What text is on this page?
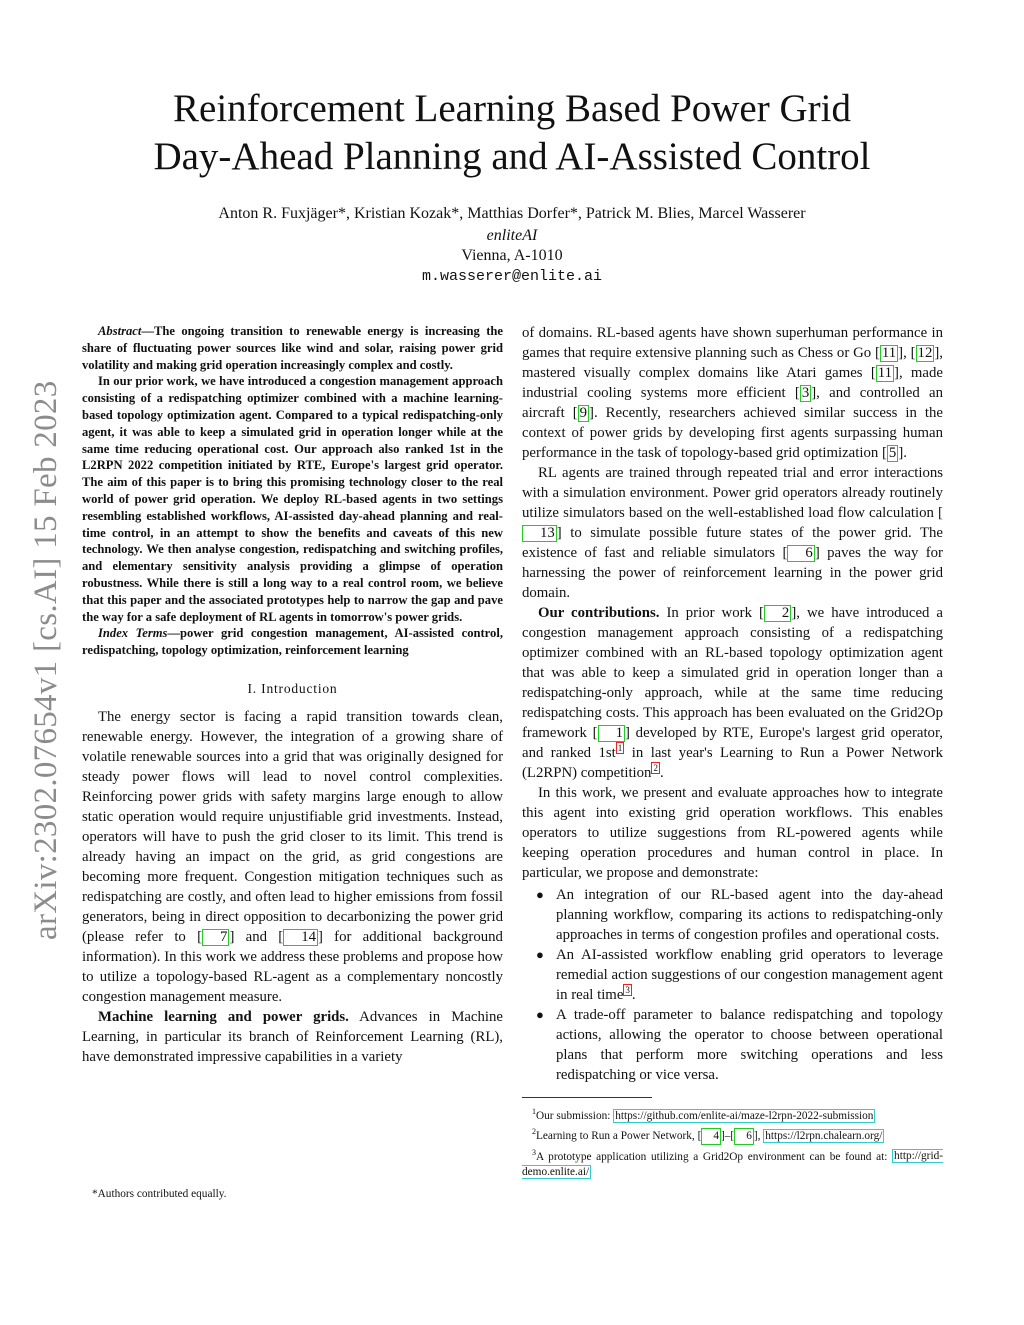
arXiv:2302.07654v1 [cs.AI] 15 Feb 2023
Reinforcement Learning Based Power Grid
Day-Ahead Planning and AI-Assisted Control
Anton R. Fuxjäger*, Kristian Kozak*, Matthias Dorfer*, Patrick M. Blies, Marcel Wasserer
enliteAI
Vienna, A-1010
m.wasserer@enlite.ai

Abstract—The ongoing transition to renewable energy is increasing the share of fluctuating power sources like wind and solar, raising power grid volatility and making grid operation increasingly complex and costly.

In our prior work, we have introduced a congestion management approach consisting of a redispatching optimizer combined with a machine learning-based topology optimization agent. Compared to a typical redispatching-only agent, it was able to keep a simulated grid in operation longer while at the same time reducing operational cost. Our approach also ranked 1st in the L2RPN 2022 competition initiated by RTE, Europe's largest grid operator. The aim of this paper is to bring this promising technology closer to the real world of power grid operation. We deploy RL-based agents in two settings resembling established workflows, AI-assisted day-ahead planning and real-time control, in an attempt to show the benefits and caveats of this new technology. We then analyse congestion, redispatching and switching profiles, and elementary sensitivity analysis providing a glimpse of operation robustness. While there is still a long way to a real control room, we believe that this paper and the associated prototypes help to narrow the gap and pave the way for a safe deployment of RL agents in tomorrow's power grids.

Index Terms—power grid congestion management, AI-assisted control, redispatching, topology optimization, reinforcement learning

I. Introduction

The energy sector is facing a rapid transition towards clean, renewable energy. However, the integration of a growing share of volatile renewable sources into a grid that was originally designed for steady power flows will lead to novel control complexities. Reinforcing power grids with safety margins large enough to allow static operation would require unjustifiable grid investments. Instead, operators will have to push the grid closer to its limit. This trend is already having an impact on the grid, as grid congestions are becoming more frequent. Congestion mitigation techniques such as redispatching are costly, and often lead to higher emissions from fossil generators, being in direct opposition to decarbonizing the power grid (please refer to [ 7 ] and [ 14 ] for additional background information). In this work we address these problems and propose how to utilize a topology-based RL-agent as a complementary noncostly congestion management measure.

Machine learning and power grids. Advances in Machine Learning, in particular its branch of Reinforcement Learning (RL), have demonstrated impressive capabilities in a variety

*Authors contributed equally.

of domains. RL-based agents have shown superhuman performance in games that require extensive planning such as Chess or Go [ 11 ], [ 12 ], mastered visually complex domains like Atari games [ 11 ], made industrial cooling systems more efficient [ 3 ], and controlled an aircraft [ 9 ]. Recently, researchers achieved similar success in the context of power grids by developing first agents surpassing human performance in the task of topology-based grid optimization [ 5 ].

RL agents are trained through repeated trial and error interactions with a simulation environment. Power grid operators already routinely utilize simulators based on the well-established load flow calculation [13 ] to simulate possible future states of the power grid. The existence of fast and reliable simulators [ 6 ] paves the way for harnessing the power of reinforcement learning in the power grid domain.

Our contributions. In prior work [ 2 ], we have introduced a congestion management approach consisting of a redispatching optimizer combined with an RL-based topology optimization agent that was able to keep a simulated grid in operation longer than a redispatching-only approach, while at the same time reducing redispatching costs. This approach has been evaluated on the Grid2Op framework [ 1 ] developed by RTE, Europe's largest grid operator, and ranked 1st $^1$ in last year's Learning to Run a Power Network (L2RPN) competition $^2$ .

In this work, we present and evaluate approaches how to integrate this agent into existing grid operation workflows. This enables operators to utilize suggestions from RL-powered agents while keeping operation procedures and human control in place. In particular, we propose and demonstrate:

● An integration of our RL-based agent into the day-ahead planning workflow, comparing its actions to redispatching-only approaches in terms of congestion profiles and operational costs.
● An AI-assisted workflow enabling grid operators to leverage remedial action suggestions of our congestion management agent in real time $^3$ .
● A trade-off parameter to balance redispatching and topology actions, allowing the operator to choose between operational plans that perform more switching operations and less redispatching or vice versa.

$^1$Our submission: https://github.com/enlite-ai/maze-l2rpn-2022-submission

$^2$Learning to Run a Power Network, [ 4 ]–[ 6 ], https://l2rpn.chalearn.org/

$^3$A prototype application utilizing a Grid2Op environment can be found at: http://grid-demo.enlite.ai/
